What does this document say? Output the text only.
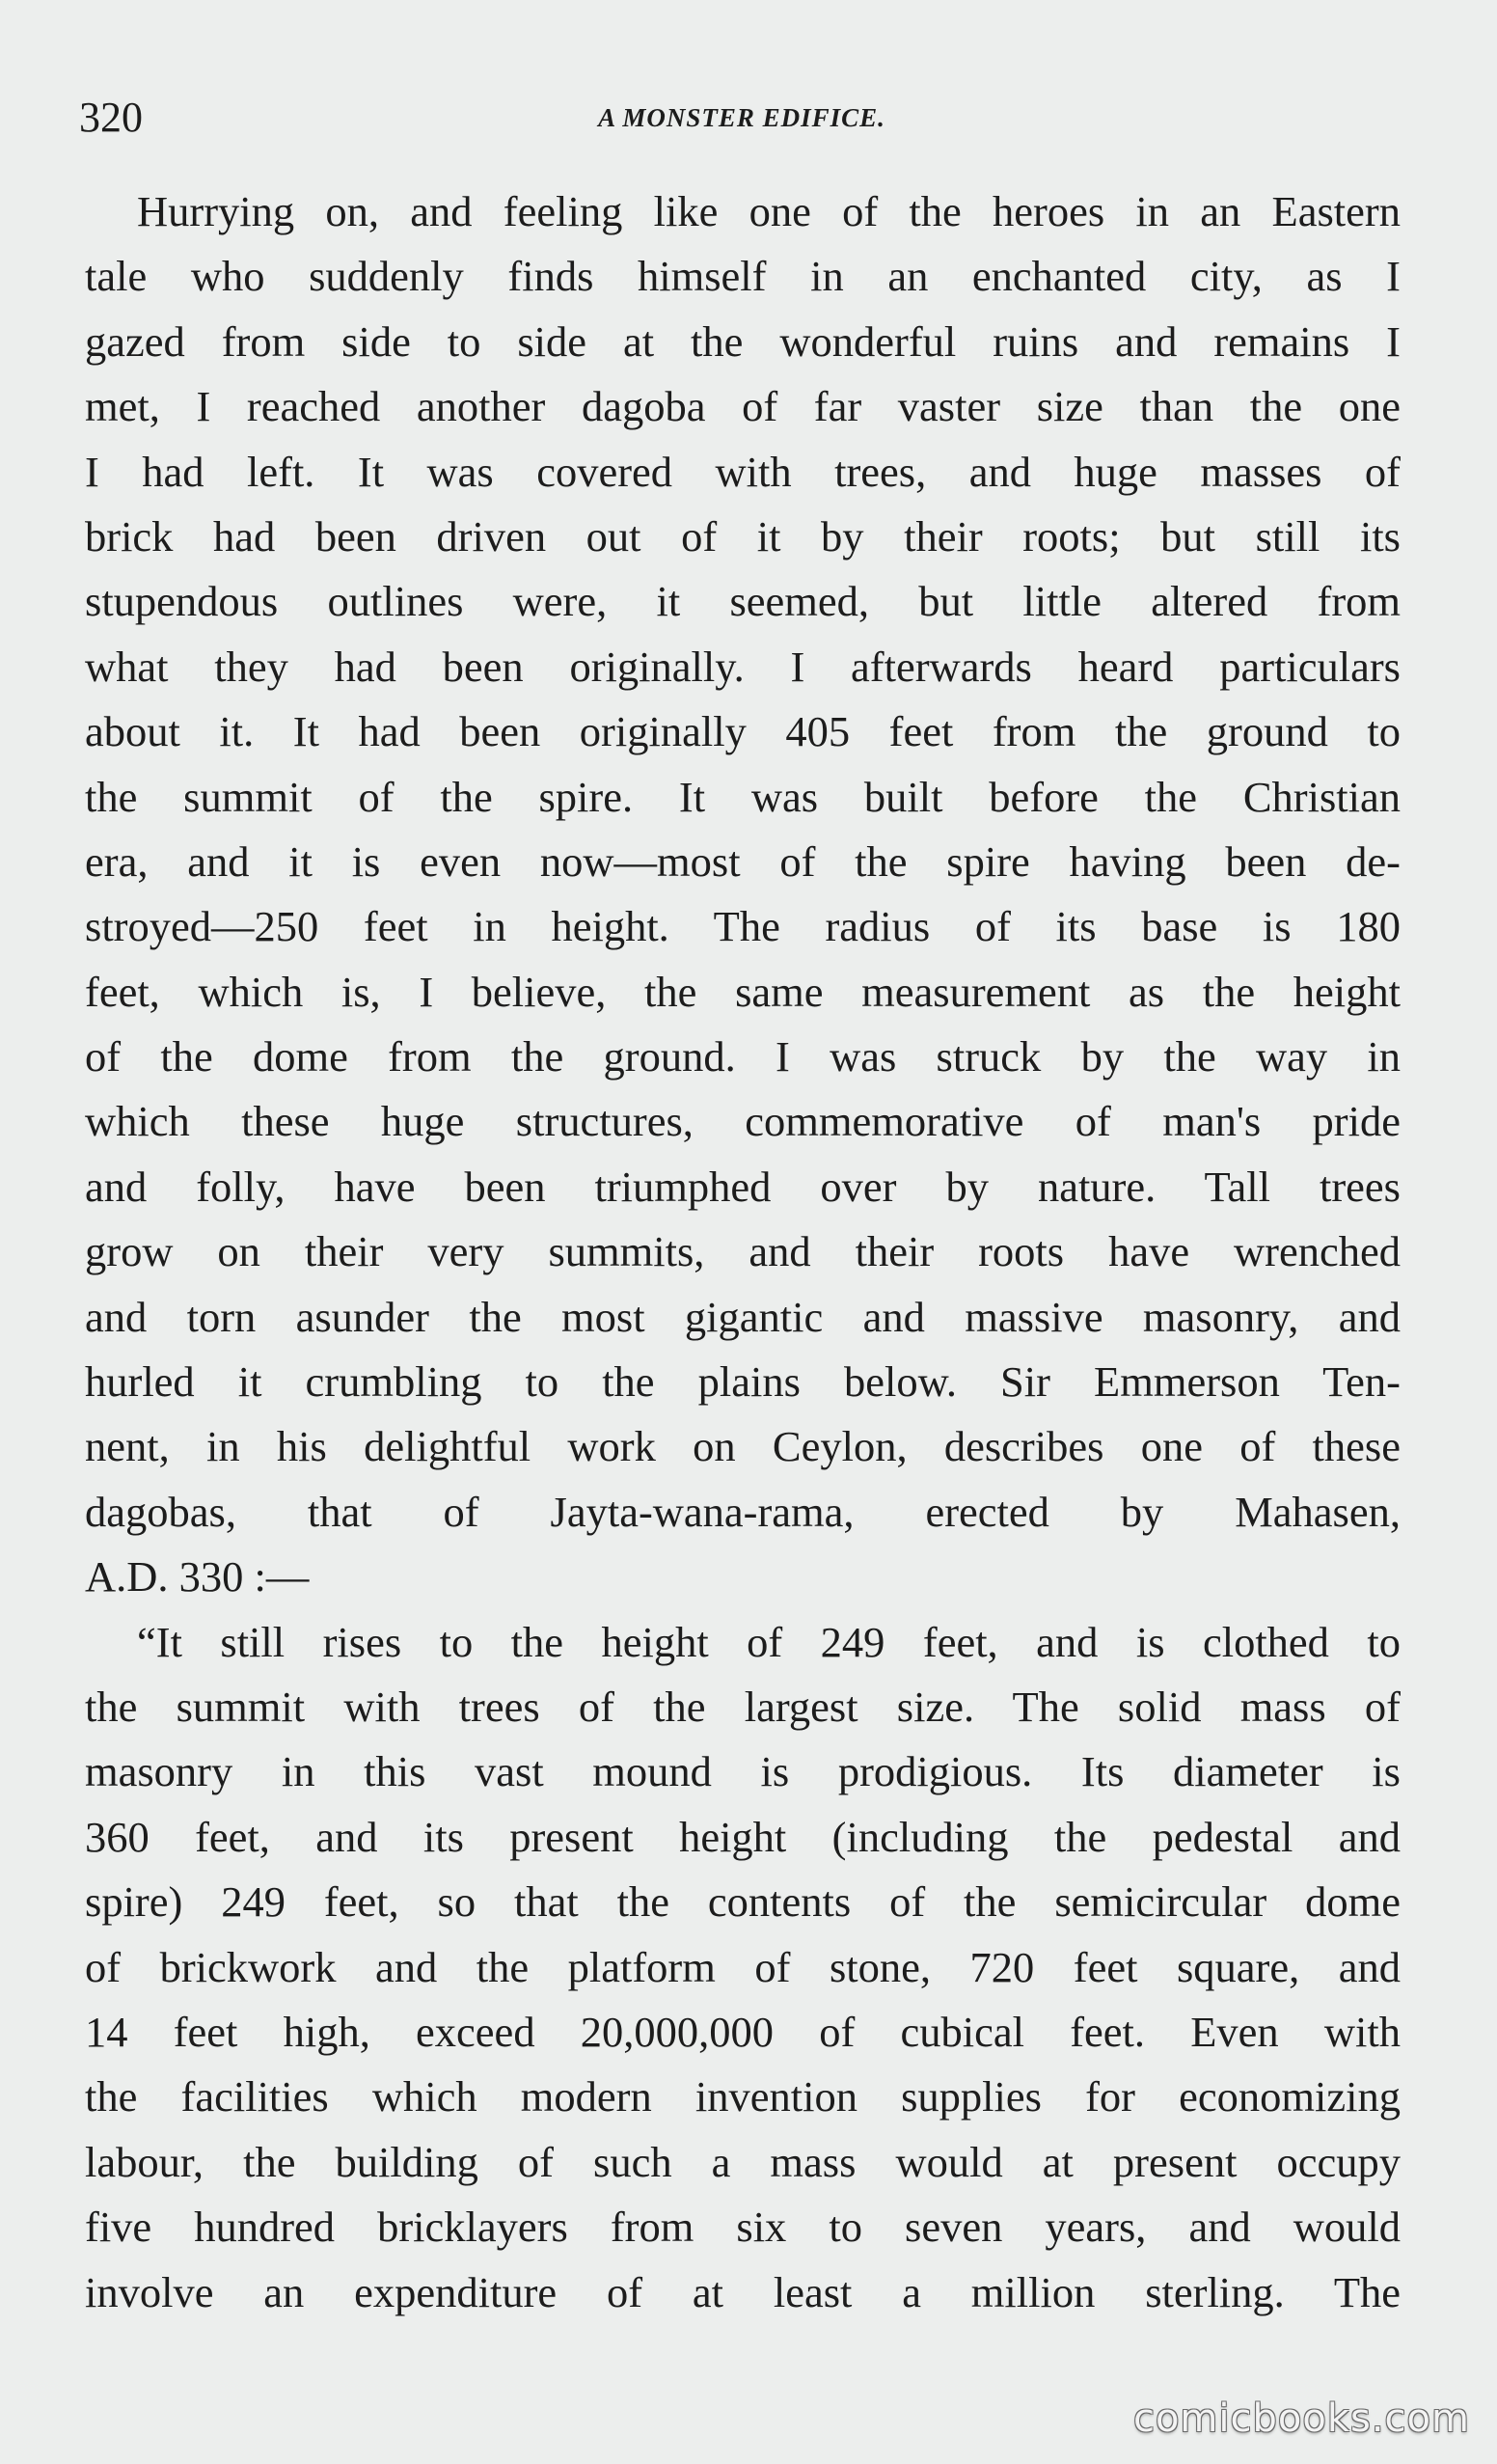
320	A MONSTER EDIFICE.
Hurrying on, and feeling like one of the heroes in an Eastern
tale who suddenly finds himself in an enchanted city, as I
gazed from side to side at the wonderful ruins and remains I
met, I reached another dagoba of far vaster size than the one
I had left. It was covered with trees, and huge masses of
brick had been driven out of it by their roots; but still its
stupendous outlines were, it seemed, but little altered from
what they had been originally. I afterwards heard particulars
about it. It had been originally 405 feet from the ground to
the summit of the spire. It was built before the Christian
era, and it is even now—most of the spire having been de-
stroyed—250 feet in height. The radius of its base is 180
feet, which is, I believe, the same measurement as the height
of the dome from the ground. I was struck by the way in
which these huge structures, commemorative of man's pride
and folly, have been triumphed over by nature. Tall trees
grow on their very summits, and their roots have wrenched
and torn asunder the most gigantic and massive masonry, and
hurled it crumbling to the plains below. Sir Emmerson Ten-
nent, in his delightful work on Ceylon, describes one of these
dagobas, that of Jayta-wana-rama, erected by Mahasen,
A.D. 330 :—
“It still rises to the height of 249 feet, and is clothed to
the summit with trees of the largest size. The solid mass of
masonry in this vast mound is prodigious. Its diameter is
360 feet, and its present height (including the pedestal and
spire) 249 feet, so that the contents of the semicircular dome
of brickwork and the platform of stone, 720 feet square, and
14 feet high, exceed 20,000,000 of cubical feet. Even with
the facilities which modern invention supplies for economizing
labour, the building of such a mass would at present occupy
five hundred bricklayers from six to seven years, and would
involve an expenditure of at least a million sterling. The
comicbooks.com
